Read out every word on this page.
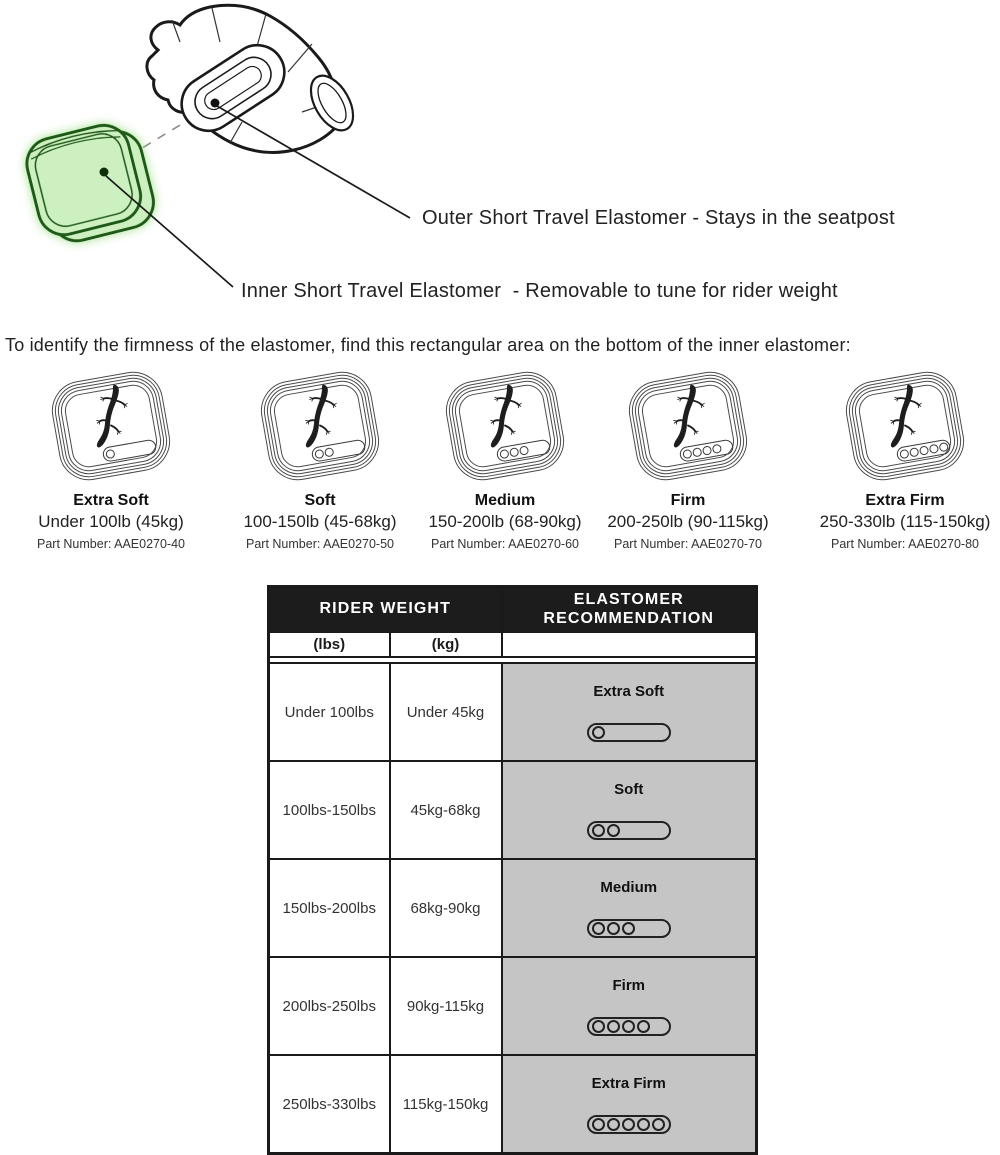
Outer Short Travel Elastomer - Stays in the seatpost
Inner Short Travel Elastomer  - Removable to tune for rider weight
To identify the firmness of the elastomer, find this rectangular area on the bottom of the inner elastomer:
Extra Soft
Under 100lb (45kg)
Part Number: AAE0270-40
Soft
100-150lb (45-68kg)
Part Number: AAE0270-50
Medium
150-200lb (68-90kg)
Part Number: AAE0270-60
Firm
200-250lb (90-115kg)
Part Number: AAE0270-70
Extra Firm
250-330lb (115-150kg)
Part Number: AAE0270-80
RIDER WEIGHT		ELASTOMER RECOMMENDATION

(lbs)	(kg)	

Under 100lbs	Under 45kg	Extra Soft

100lbs-150lbs	45kg-68kg	Soft

150lbs-200lbs	68kg-90kg	Medium

200lbs-250lbs	90kg-115kg	Firm

250lbs-330lbs	115kg-150kg	Extra Firm
